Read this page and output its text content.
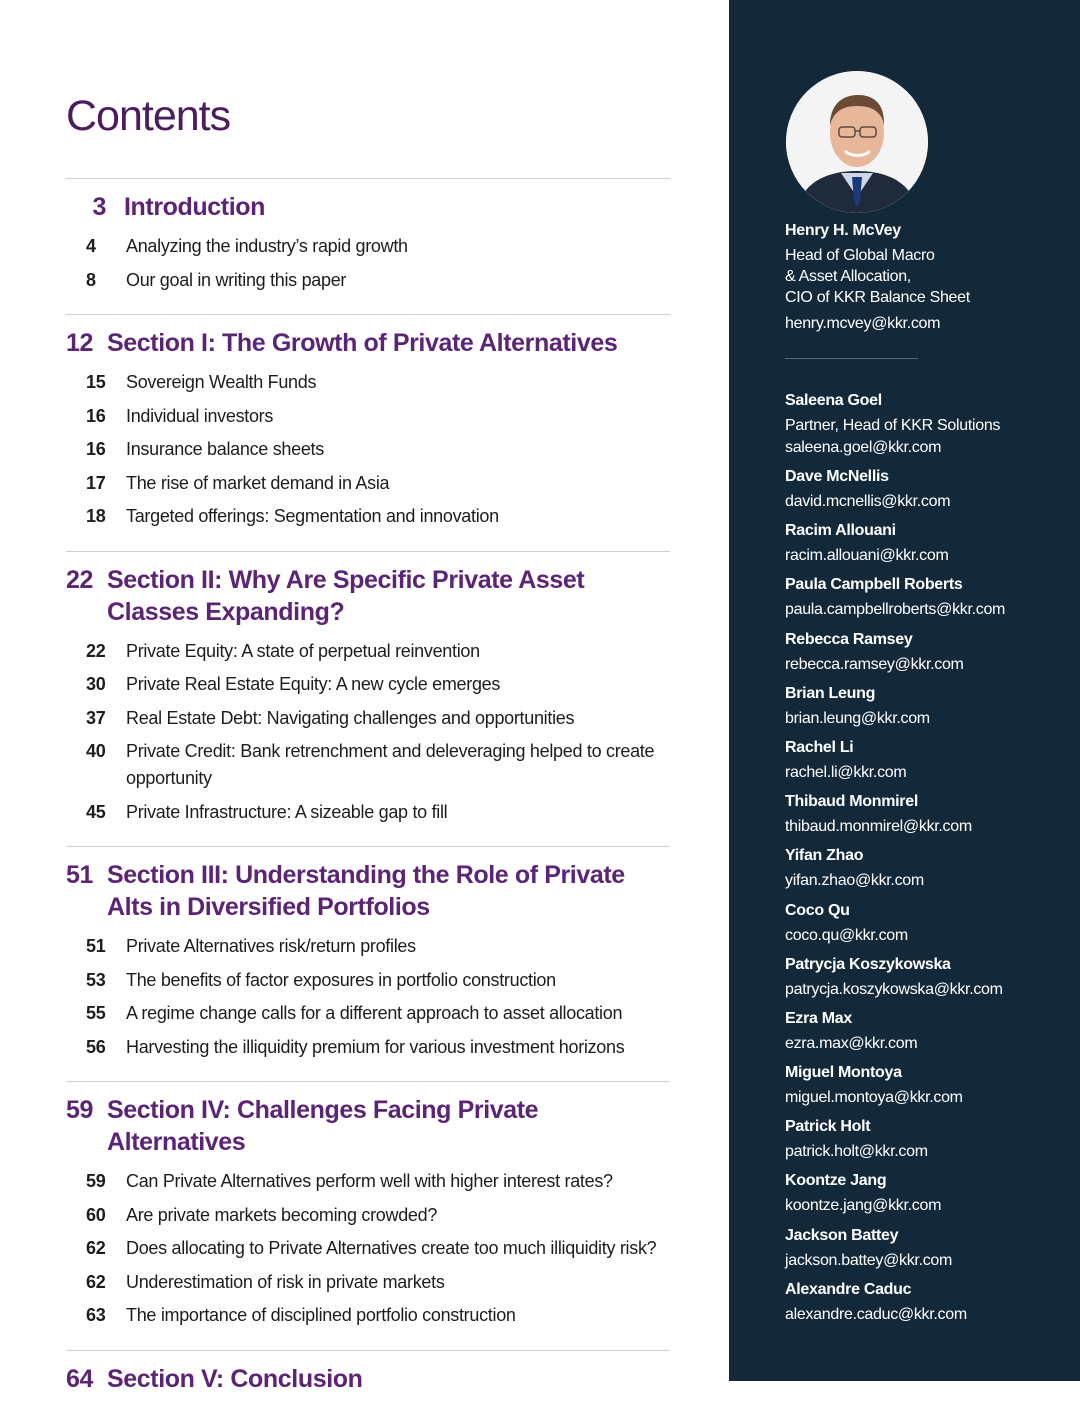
Contents
3 Introduction
4	Analyzing the industry’s rapid growth
8	Our goal in writing this paper
12 Section I: The Growth of Private Alternatives
15	Sovereign Wealth Funds
16	Individual investors
16	Insurance balance sheets
17	The rise of market demand in Asia
18	Targeted offerings: Segmentation and innovation
22 Section II: Why Are Specific Private Asset Classes Expanding?
22	Private Equity: A state of perpetual reinvention
30	Private Real Estate Equity: A new cycle emerges
37	Real Estate Debt: Navigating challenges and opportunities
40	Private Credit: Bank retrenchment and deleveraging helped to create opportunity
45	Private Infrastructure: A sizeable gap to fill
51 Section III: Understanding the Role of Private Alts in Diversified Portfolios
51	Private Alternatives risk/return profiles
53	The benefits of factor exposures in portfolio construction
55	A regime change calls for a different approach to asset allocation
56	Harvesting the illiquidity premium for various investment horizons
59 Section IV: Challenges Facing Private Alternatives
59	Can Private Alternatives perform well with higher interest rates?
60	Are private markets becoming crowded?
62	Does allocating to Private Alternatives create too much illiquidity risk?
62	Underestimation of risk in private markets
63	The importance of disciplined portfolio construction
64 Section V: Conclusion
Henry H. McVey
Head of Global Macro
& Asset Allocation,
CIO of KKR Balance Sheet
henry.mcvey@kkr.com
Saleena Goel
Partner, Head of KKR Solutions
saleena.goel@kkr.com
Dave McNellis
david.mcnellis@kkr.com
Racim Allouani
racim.allouani@kkr.com
Paula Campbell Roberts
paula.campbellroberts@kkr.com
Rebecca Ramsey
rebecca.ramsey@kkr.com
Brian Leung
brian.leung@kkr.com
Rachel Li
rachel.li@kkr.com
Thibaud Monmirel
thibaud.monmirel@kkr.com
Yifan Zhao
yifan.zhao@kkr.com
Coco Qu
coco.qu@kkr.com
Patrycja Koszykowska
patrycja.koszykowska@kkr.com
Ezra Max
ezra.max@kkr.com
Miguel Montoya
miguel.montoya@kkr.com
Patrick Holt
patrick.holt@kkr.com
Koontze Jang
koontze.jang@kkr.com
Jackson Battey
jackson.battey@kkr.com
Alexandre Caduc
alexandre.caduc@kkr.com
